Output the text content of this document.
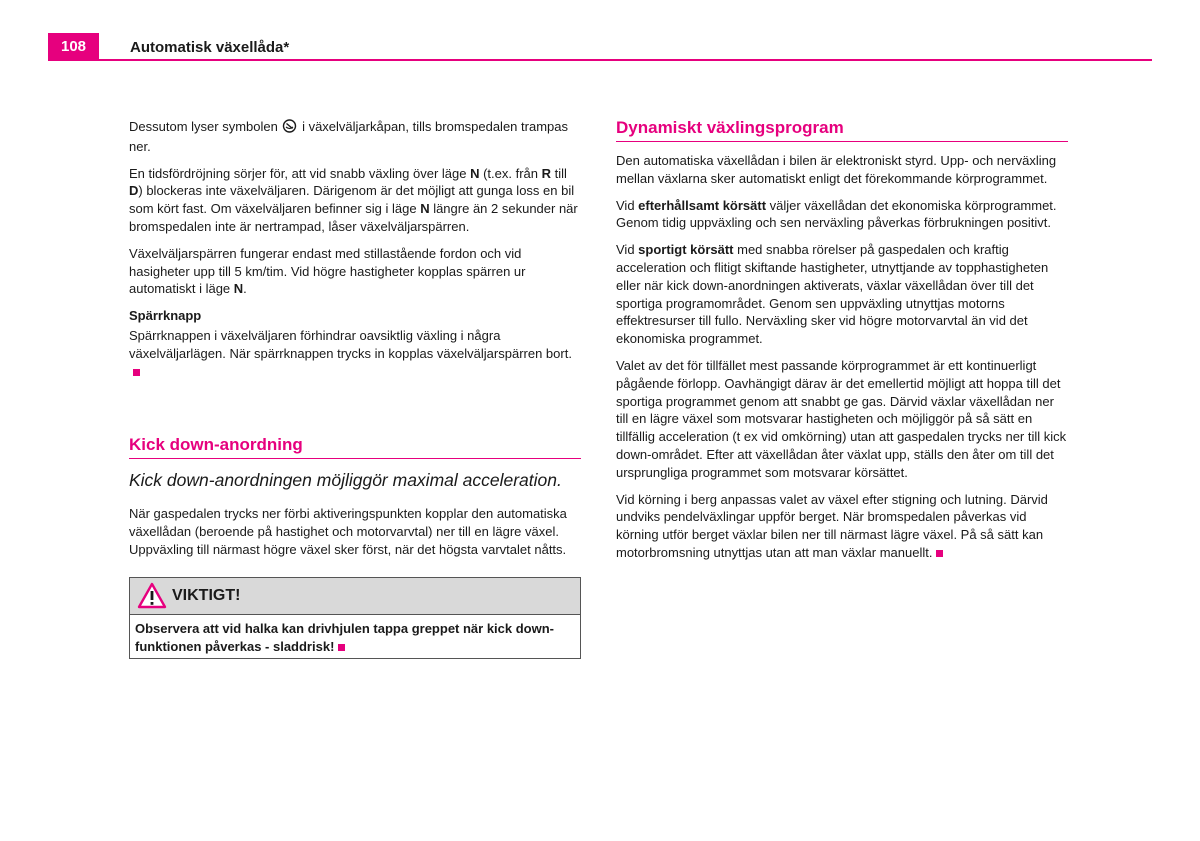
108	Automatisk växellåda*

Dessutom lyser symbolen i växelväljarkåpan, tills bromspedalen trampas ner.

En tidsfördröjning sörjer för, att vid snabb växling över läge N (t.ex. från R till D) blockeras inte växelväljaren. Därigenom är det möjligt att gunga loss en bil som kört fast. Om växelväljaren befinner sig i läge N längre än 2 sekunder när bromspedalen inte är nertrampad, låser växelväljarspärren.

Växelväljarspärren fungerar endast med stillastående fordon och vid hasigheter upp till 5 km/tim. Vid högre hastigheter kopplas spärren ur automatiskt i läge N.

Spärrknapp

Spärrknappen i växelväljaren förhindrar oavsiktlig växling i några växelväljarlägen. När spärrknappen trycks in kopplas växelväljarspärren bort.

Kick down-anordning
Kick down-anordningen möjliggör maximal acceleration.

När gaspedalen trycks ner förbi aktiveringspunkten kopplar den automatiska växellådan (beroende på hastighet och motorvarvtal) ner till en lägre växel. Uppväxling till närmast högre växel sker först, när det högsta varvtalet nåtts.

VIKTIGT!
Observera att vid halka kan drivhjulen tappa greppet när kick down-funktionen påverkas - sladdrisk!
Dynamiskt växlingsprogram

Den automatiska växellådan i bilen är elektroniskt styrd. Upp- och nerväxling mellan växlarna sker automatiskt enligt det förekommande körprogrammet.

Vid efterhållsamt körsätt väljer växellådan det ekonomiska körprogrammet. Genom tidig uppväxling och sen nerväxling påverkas förbrukningen positivt.

Vid sportigt körsätt med snabba rörelser på gaspedalen och kraftig acceleration och flitigt skiftande hastigheter, utnyttjande av topphastigheten eller när kick down-anordningen aktiverats, växlar växellådan över till det sportiga programområdet. Genom sen uppväxling utnyttjas motorns effektresurser till fullo. Nerväxling sker vid högre motorvarvtal än vid det ekonomiska programmet.

Valet av det för tillfället mest passande körprogrammet är ett kontinuerligt pågående förlopp. Oavhängigt därav är det emellertid möjligt att hoppa till det sportiga programmet genom att snabbt ge gas. Därvid växlar växellådan ner till en lägre växel som motsvarar hastigheten och möjliggör på så sätt en tillfällig acceleration (t ex vid omkörning) utan att gaspedalen trycks ner till kick down-området. Efter att växellådan åter växlat upp, ställs den åter om till det ursprungliga programmet som motsvarar körsättet.

Vid körning i berg anpassas valet av växel efter stigning och lutning. Därvid undviks pendelväxlingar uppför berget. När bromspedalen påverkas vid körning utför berget växlar bilen ner till närmast lägre växel. På så sätt kan motorbromsning utnyttjas utan att man växlar manuellt.
